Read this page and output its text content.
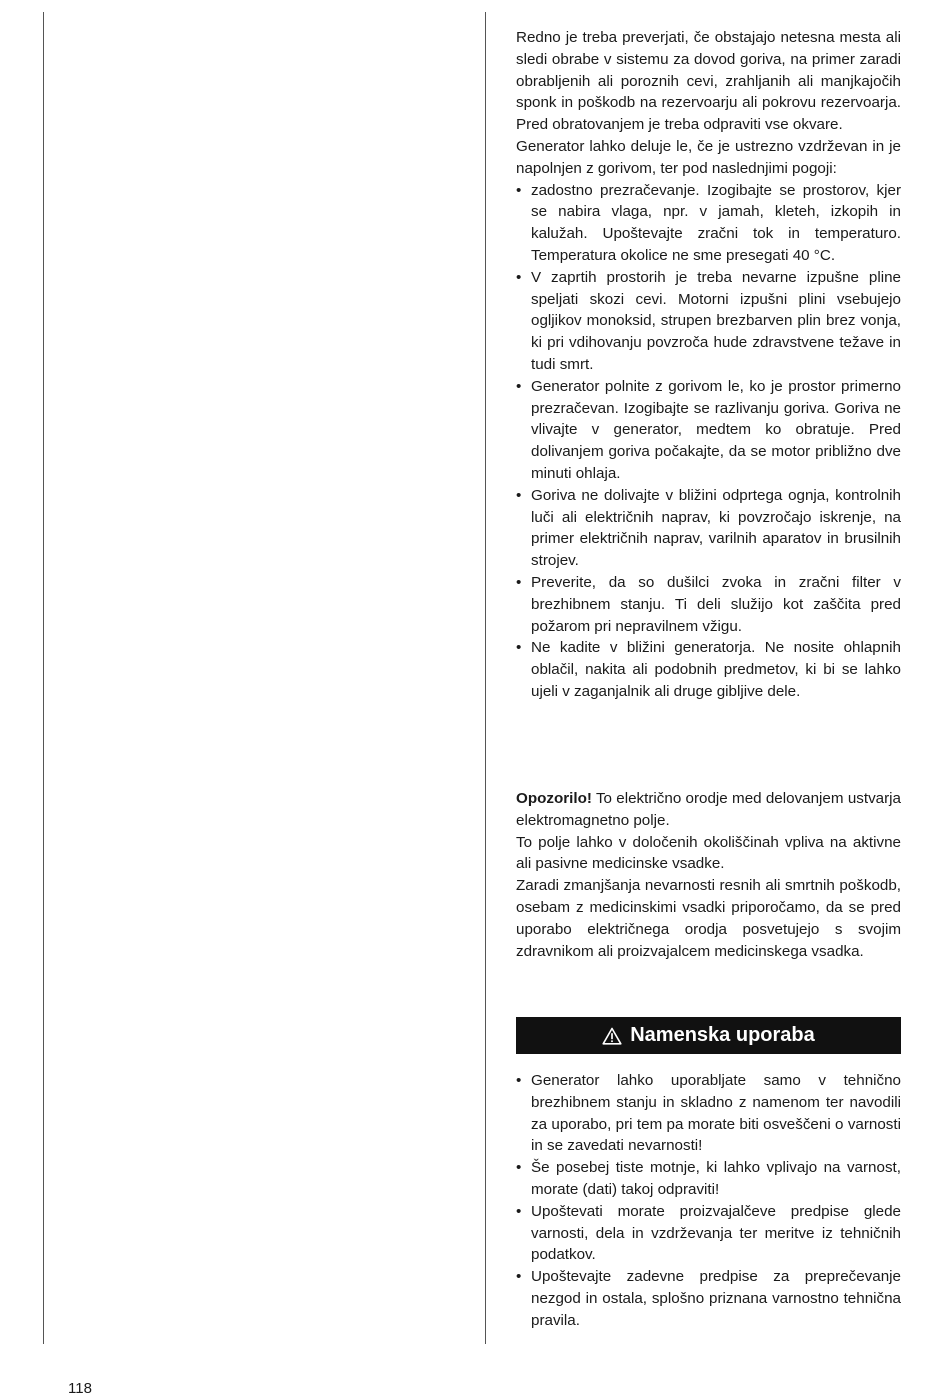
Redno je treba preverjati, če obstajajo netesna mesta ali sledi obrabe v sistemu za dovod goriva, na primer zaradi obrabljenih ali poroznih cevi, zrahljanih ali manjkajočih sponk in poškodb na rezervoarju ali pokrovu rezervoarja. Pred obratovanjem je treba odpraviti vse okvare.

Generator lahko deluje le, če je ustrezno vzdrževan in je napolnjen z gorivom, ter pod naslednjimi pogoji:

• zadostno prezračevanje. Izogibajte se prostorov, kjer se nabira vlaga, npr. v jamah, kleteh, izkopih in kalužah. Upoštevajte zračni tok in temperaturo. Temperatura okolice ne sme presegati 40 °C.
• V zaprtih prostorih je treba nevarne izpušne pline speljati skozi cevi. Motorni izpušni plini vsebujejo ogljikov monoksid, strupen brezbarven plin brez vonja, ki pri vdihovanju povzroča hude zdravstvene težave in tudi smrt.
• Generator polnite z gorivom le, ko je prostor primerno prezračevan. Izogibajte se razlivanju goriva. Goriva ne vlivajte v generator, medtem ko obratuje. Pred dolivanjem goriva počakajte, da se motor približno dve minuti ohlaja.
• Goriva ne dolivajte v bližini odprtega ognja, kontrolnih luči ali električnih naprav, ki povzročajo iskrenje, na primer električnih naprav, varilnih aparatov in brusilnih strojev.
• Preverite, da so dušilci zvoka in zračni filter v brezhibnem stanju. Ti deli služijo kot zaščita pred požarom pri nepravilnem vžigu.
• Ne kadite v bližini generatorja. Ne nosite ohlapnih oblačil, nakita ali podobnih predmetov, ki bi se lahko ujeli v zaganjalnik ali druge gibljive dele.

Opozorilo! To električno orodje med delovanjem ustvarja elektromagnetno polje.

To polje lahko v določenih okoliščinah vpliva na aktivne ali pasivne medicinske vsadke.

Zaradi zmanjšanja nevarnosti resnih ali smrtnih poškodb, osebam z medicinskimi vsadki priporočamo, da se pred uporabo električnega orodja posvetujejo s svojim zdravnikom ali proizvajalcem medicinskega vsadka.

Namenska uporaba
• Generator lahko uporabljate samo v tehnično brezhibnem stanju in skladno z namenom ter navodili za uporabo, pri tem pa morate biti osveščeni o varnosti in se zavedati nevarnosti!
• Še posebej tiste motnje, ki lahko vplivajo na varnost, morate (dati) takoj odpraviti!
• Upoštevati morate proizvajalčeve predpise glede varnosti, dela in vzdrževanja ter meritve iz tehničnih podatkov.
• Upoštevajte zadevne predpise za preprečevanje nezgod in ostala, splošno priznana varnostno tehnična pravila.
118
